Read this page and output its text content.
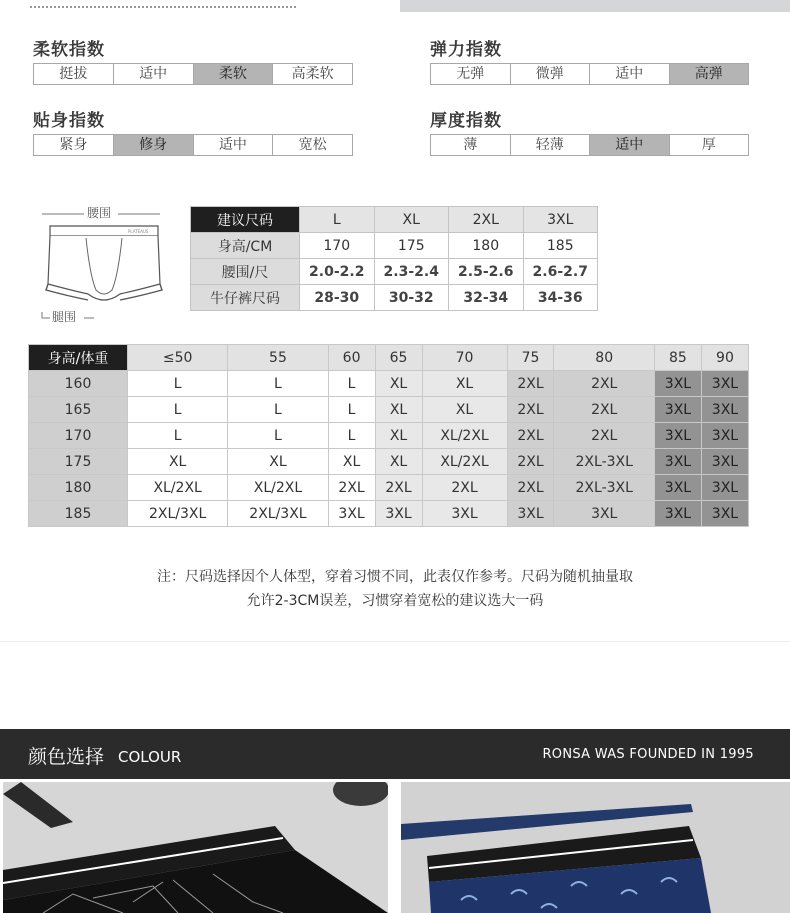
柔软指数
挺拔	适中	柔软	高柔软
弹力指数
无弹	微弹	适中	高弹
贴身指数
紧身	修身	适中	宽松
厚度指数
薄	轻薄	适中	厚
PLATEAUS
腰围
腿围
建议尺码	L	XL	2XL	3XL
身高/CM	170	175	180	185
腰围/尺	2.0-2.2	2.3-2.4	2.5-2.6	2.6-2.7
牛仔裤尺码	28-30	30-32	32-34	34-36
身高/体重	≤50	55	60	65	70	75	80	85	90
160	L	L	L	XL	XL	2XL	2XL	3XL	3XL
165	L	L	L	XL	XL	2XL	2XL	3XL	3XL
170	L	L	L	XL	XL/2XL	2XL	2XL	3XL	3XL
175	XL	XL	XL	XL	XL/2XL	2XL	2XL-3XL	3XL	3XL
180	XL/2XL	XL/2XL	2XL	2XL	2XL	2XL	2XL-3XL	3XL	3XL
185	2XL/3XL	2XL/3XL	3XL	3XL	3XL	3XL	3XL	3XL	3XL
注：尺码选择因个人体型，穿着习惯不同，此表仅作参考。尺码为随机抽量取
允许2-3CM误差，习惯穿着宽松的建议选大一码
颜色选择 COLOUR	RONSA WAS FOUNDED IN 1995
